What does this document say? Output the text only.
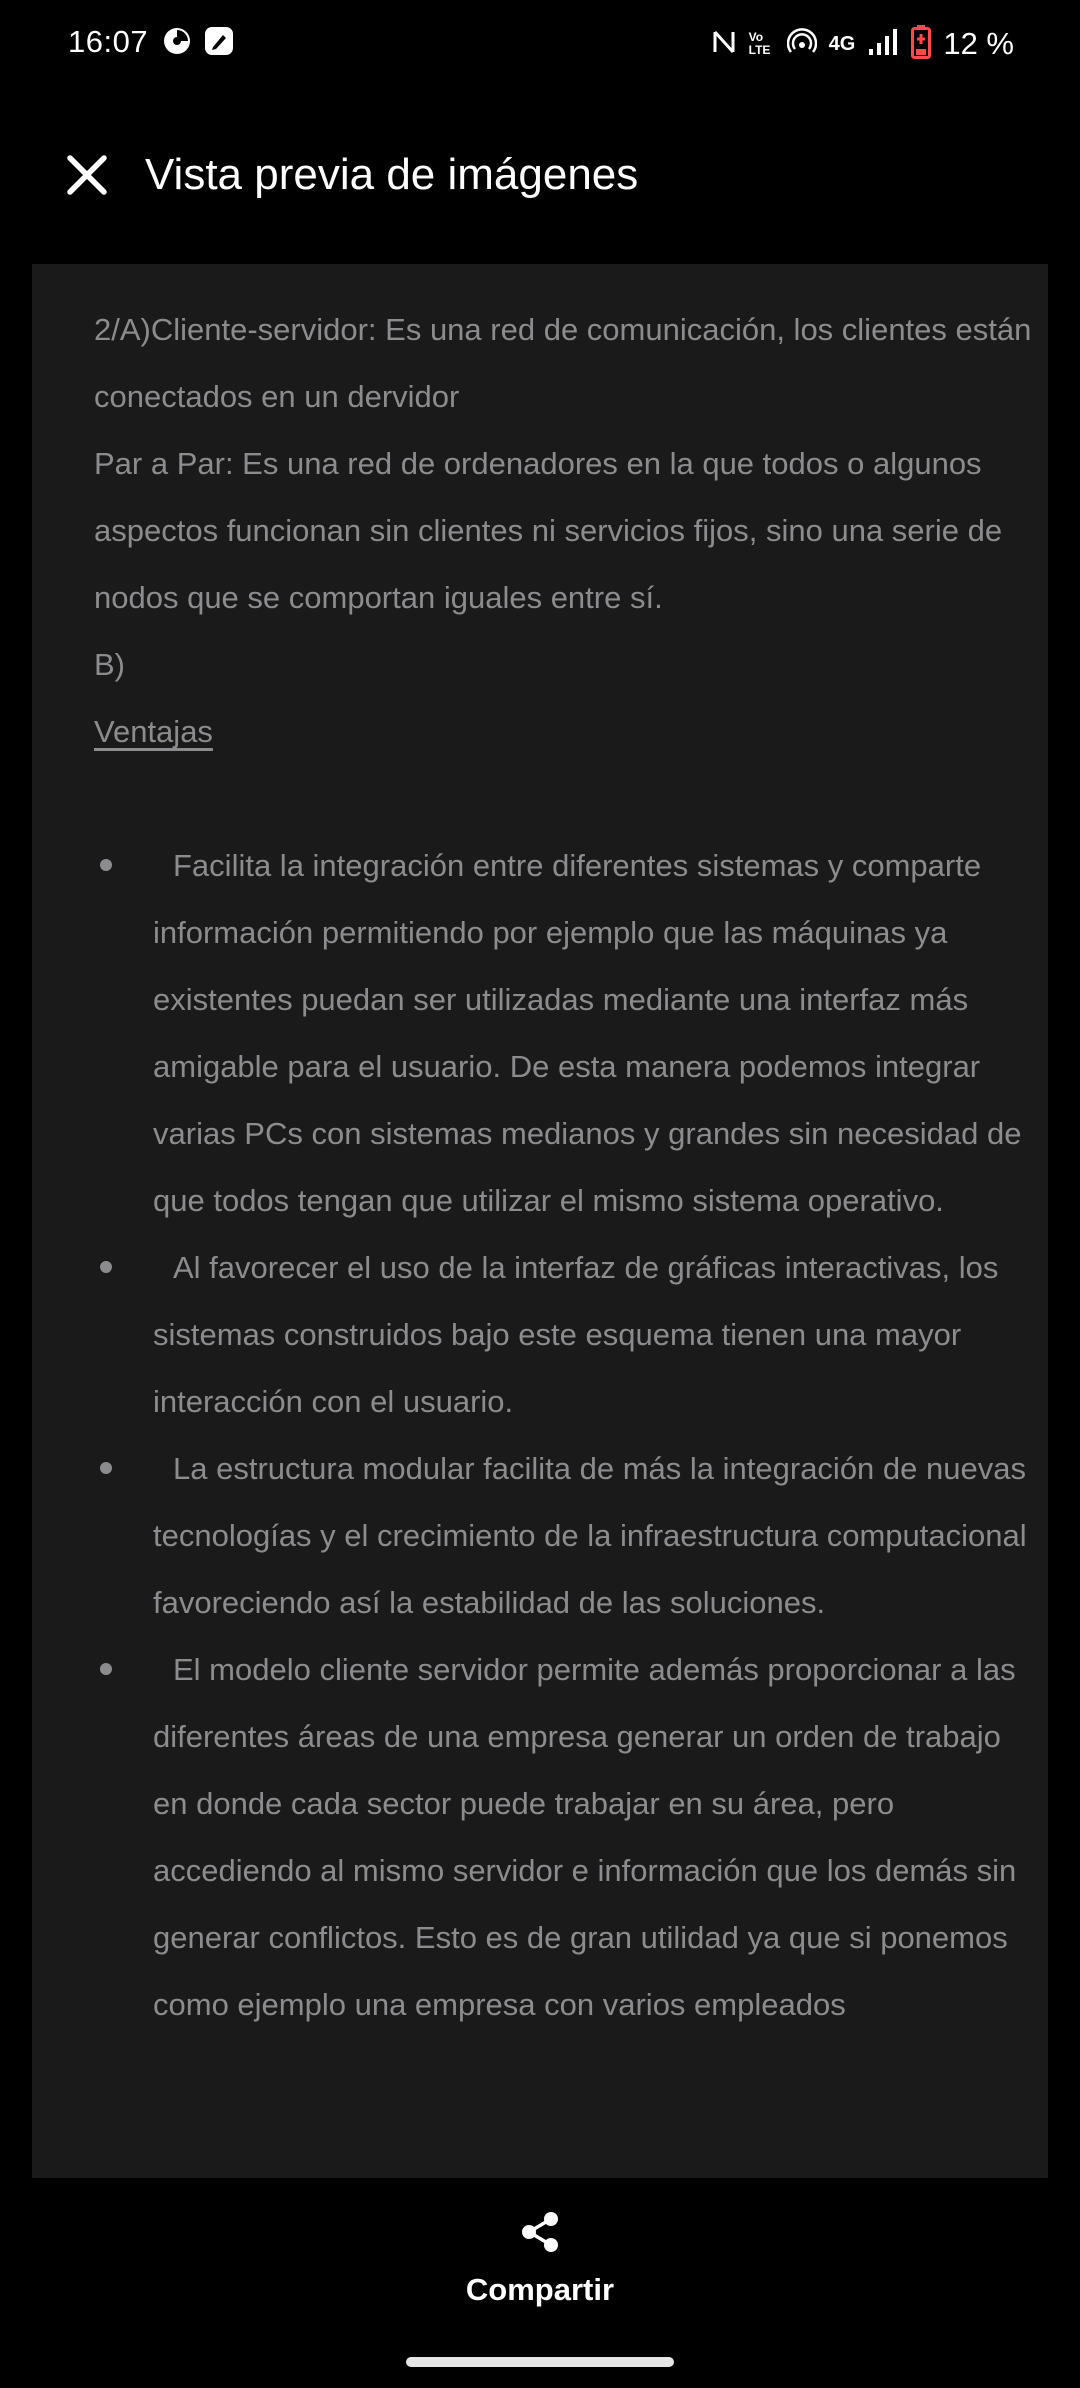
16:07	Vo LTE	4G	12 %
Vista previa de imágenes

2/A)Cliente-servidor: Es una red de comunicación, los clientes están conectados en un dervidor

Par a Par: Es una red de ordenadores en la que todos o algunos aspectos funcionan sin clientes ni servicios fijos, sino una serie de nodos que se comportan iguales entre sí.

B)

Ventajas

Facilita la integración entre diferentes sistemas y comparte información permitiendo por ejemplo que las máquinas ya existentes puedan ser utilizadas mediante una interfaz más amigable para el usuario. De esta manera podemos integrar varias PCs con sistemas medianos y grandes sin necesidad de que todos tengan que utilizar el mismo sistema operativo.
Al favorecer el uso de la interfaz de gráficas interactivas, los sistemas construidos bajo este esquema tienen una mayor interacción con el usuario.
La estructura modular facilita de más la integración de nuevas tecnologías y el crecimiento de la infraestructura computacional favoreciendo así la estabilidad de las soluciones.
El modelo cliente servidor permite además proporcionar a las diferentes áreas de una empresa generar un orden de trabajo en donde cada sector puede trabajar en su área, pero accediendo al mismo servidor e información que los demás sin generar conflictos. Esto es de gran utilidad ya que si ponemos como ejemplo una empresa con varios empleados
Compartir
